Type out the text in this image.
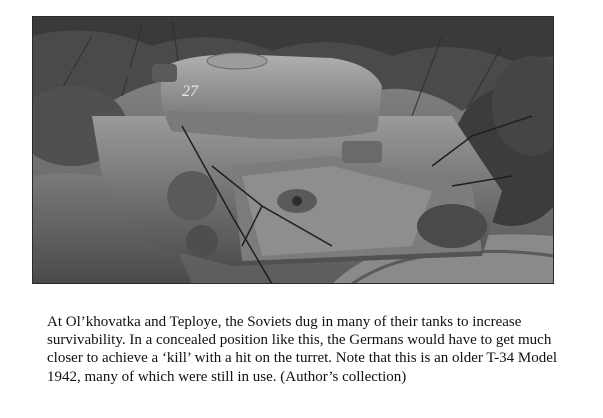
27

At Ol’khovatka and Teploye, the Soviets dug in many of their tanks to increase survivability. In a concealed position like this, the Germans would have to get much closer to achieve a ‘kill’ with a hit on the turret. Note that this is an older T-34 Model 1942, many of which were still in use. (Author’s collection)
